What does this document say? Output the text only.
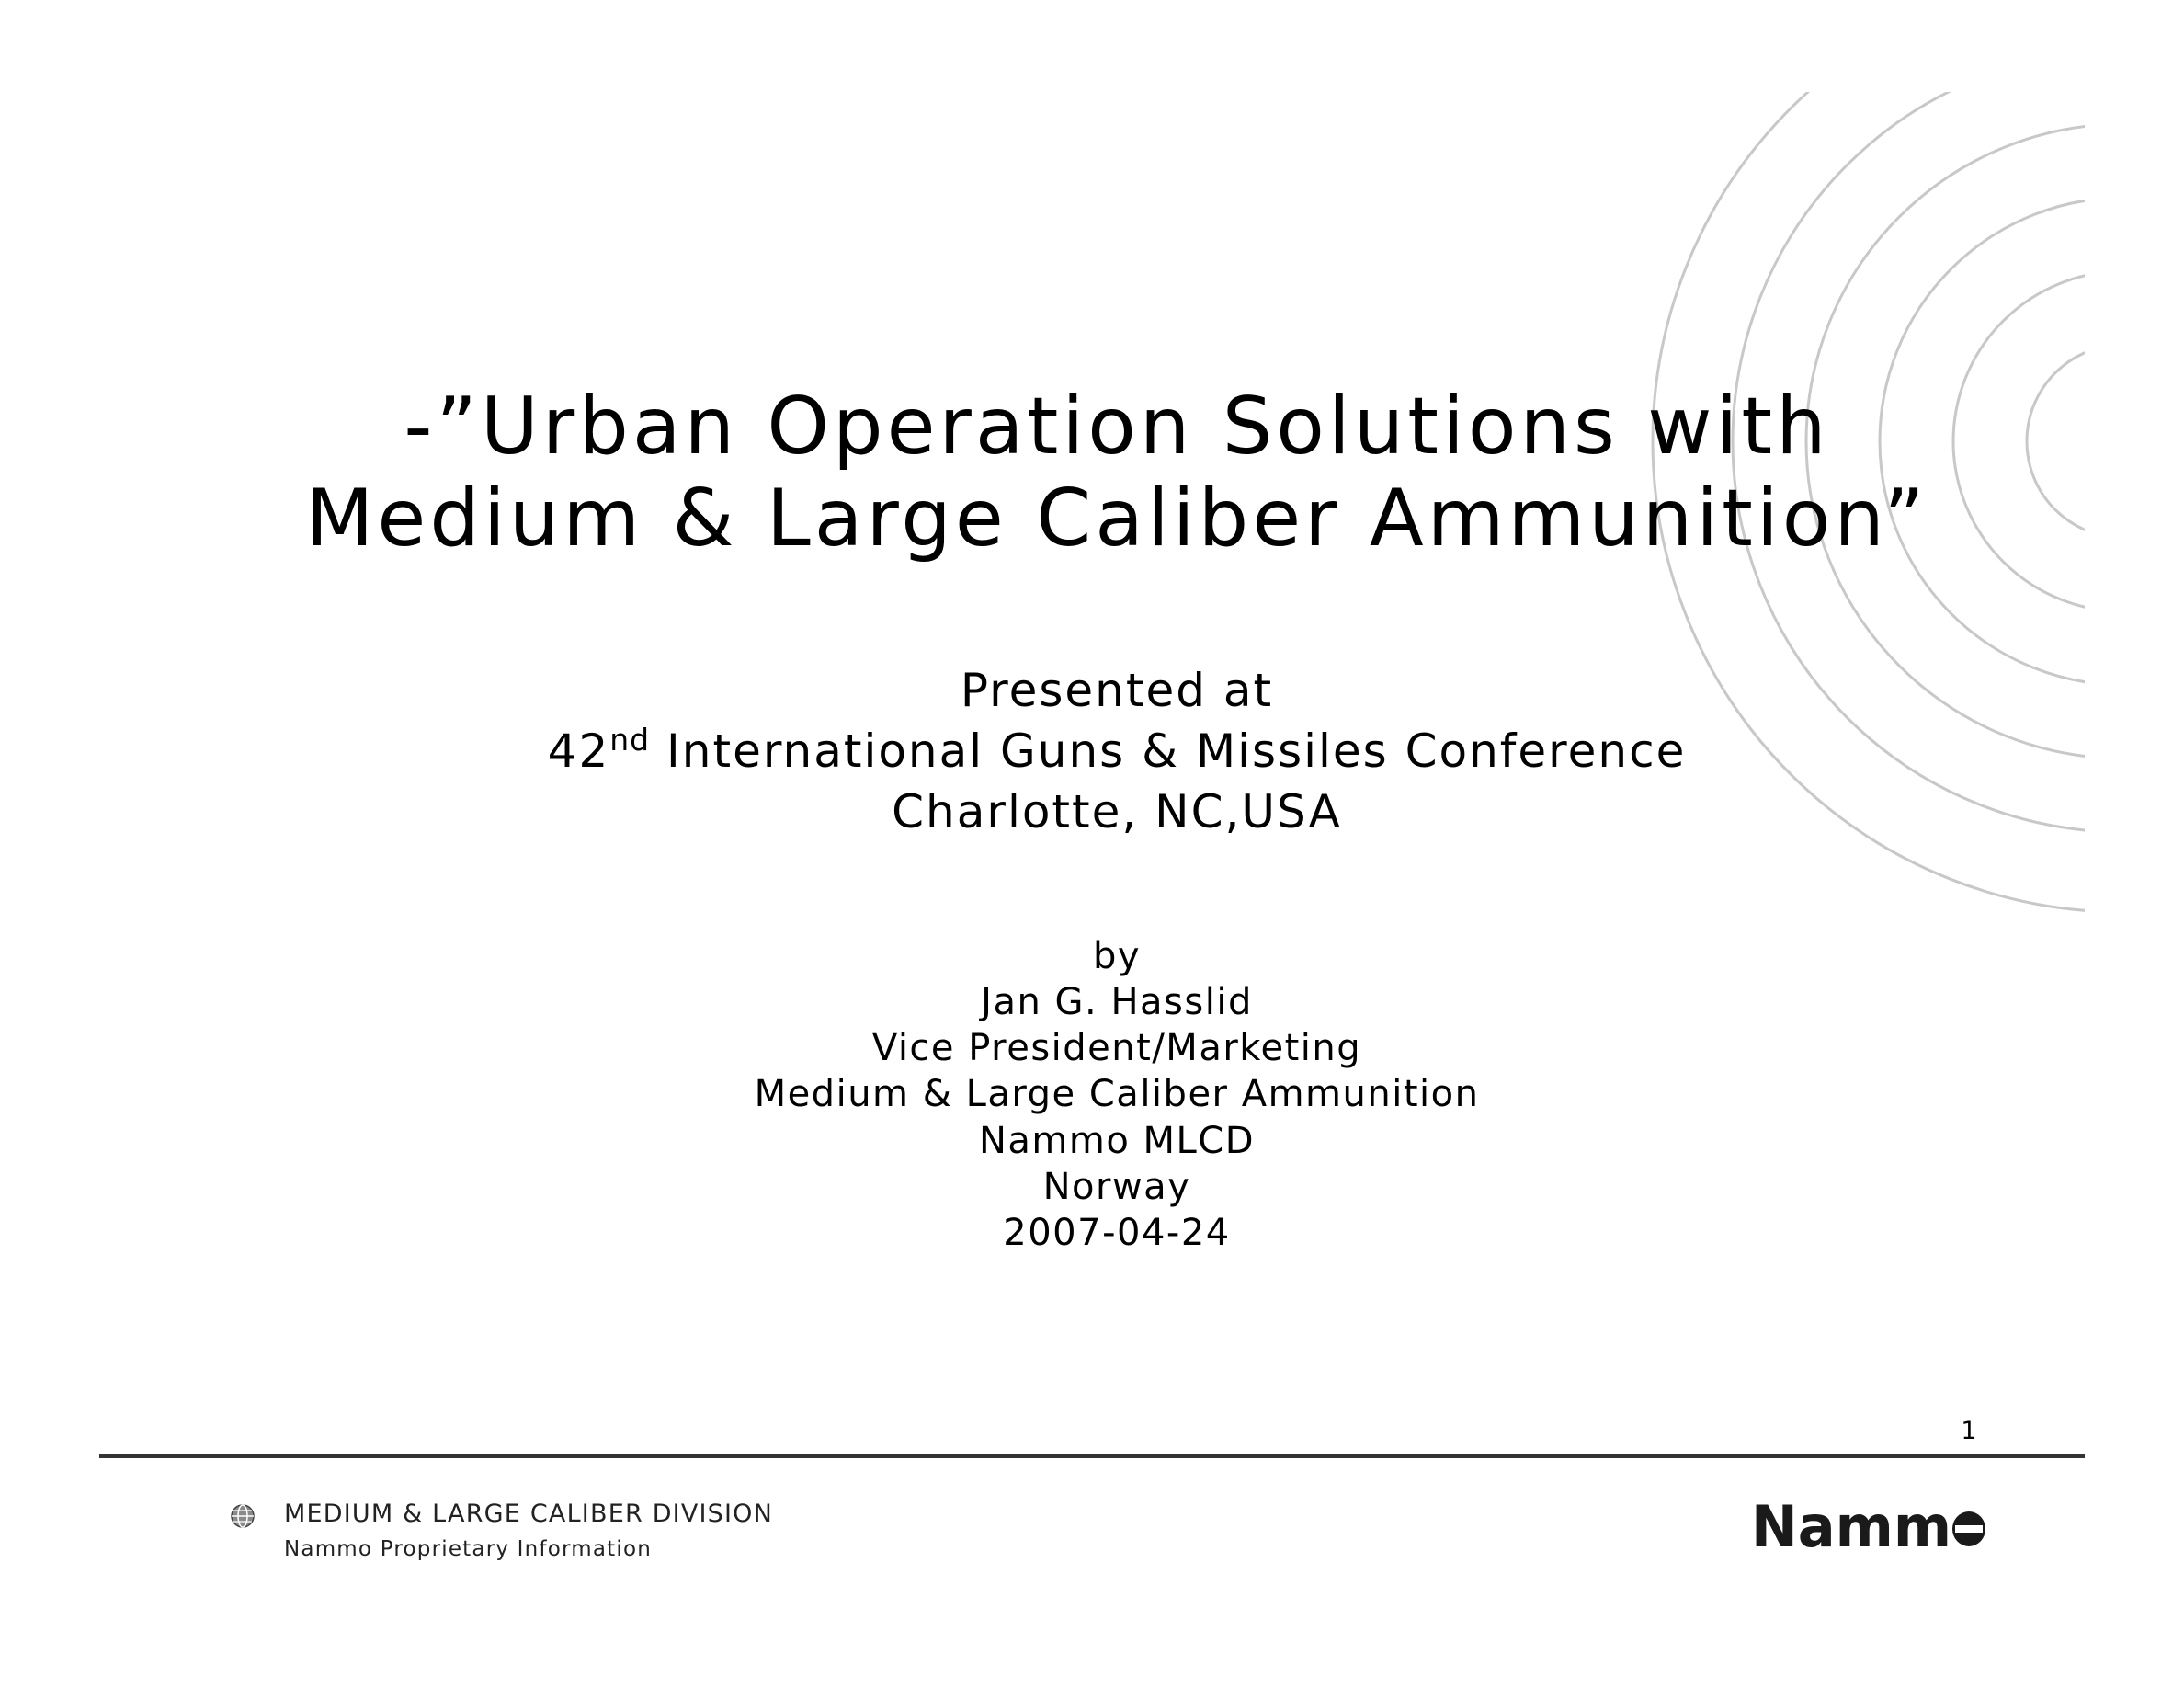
-”Urban Operation Solutions with
Medium & Large Caliber Ammunition”
Presented at
42nd International Guns & Missiles Conference
Charlotte, NC,USA
by
Jan G. Hasslid
Vice President/Marketing
Medium & Large Caliber Ammunition
Nammo MLCD
Norway
2007-04-24
1
MEDIUM & LARGE CALIBER DIVISION
Nammo Proprietary Information	Namm
